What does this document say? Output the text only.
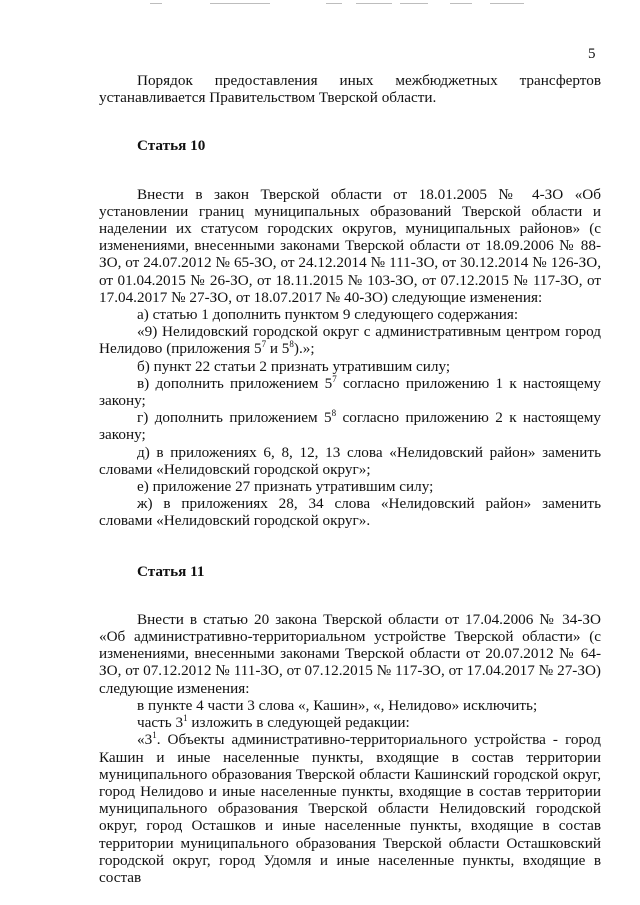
5

Порядок предоставления иных межбюджетных трансфертов устанавливается Правительством Тверской области.

Статья 10

Внести в закон Тверской области от 18.01.2005 № 4-ЗО «Об установлении границ муниципальных образований Тверской области и наделении их статусом городских округов, муниципальных районов» (с изменениями, внесенными законами Тверской области от 18.09.2006 № 88-ЗО, от 24.07.2012 № 65-ЗО, от 24.12.2014 № 111-ЗО, от 30.12.2014 № 126-ЗО, от 01.04.2015 № 26-ЗО, от 18.11.2015 № 103-ЗО, от 07.12.2015 № 117-ЗО, от 17.04.2017 № 27-ЗО, от 18.07.2017 № 40-ЗО) следующие изменения:

а) статью 1 дополнить пунктом 9 следующего содержания:

«9) Нелидовский городской округ с административным центром город Нелидово (приложения $5^7$ и $5^8$).»;

б) пункт 22 статьи 2 признать утратившим силу;

в) дополнить приложением $5^7$ согласно приложению 1 к настоящему закону;

г) дополнить приложением $5^8$ согласно приложению 2 к настоящему закону;

д) в приложениях 6, 8, 12, 13 слова «Нелидовский район» заменить словами «Нелидовский городской округ»;

е) приложение 27 признать утратившим силу;

ж) в приложениях 28, 34 слова «Нелидовский район» заменить словами «Нелидовский городской округ».

Статья 11

Внести в статью 20 закона Тверской области от 17.04.2006 № 34-ЗО «Об административно-территориальном устройстве Тверской области» (с изменениями, внесенными законами Тверской области от 20.07.2012 № 64-ЗО, от 07.12.2012 № 111-ЗО, от 07.12.2015 № 117-ЗО, от 17.04.2017 № 27-ЗО) следующие изменения:

в пункте 4 части 3 слова «, Кашин», «, Нелидово» исключить;

часть $3^1$ изложить в следующей редакции:

«$3^1$. Объекты административно-территориального устройства - город Кашин и иные населенные пункты, входящие в состав территории муниципального образования Тверской области Кашинский городской округ, город Нелидово и иные населенные пункты, входящие в состав территории муниципального образования Тверской области Нелидовский городской округ, город Осташков и иные населенные пункты, входящие в состав территории муниципального образования Тверской области Осташковский городской округ, город Удомля и иные населенные пункты, входящие в состав
